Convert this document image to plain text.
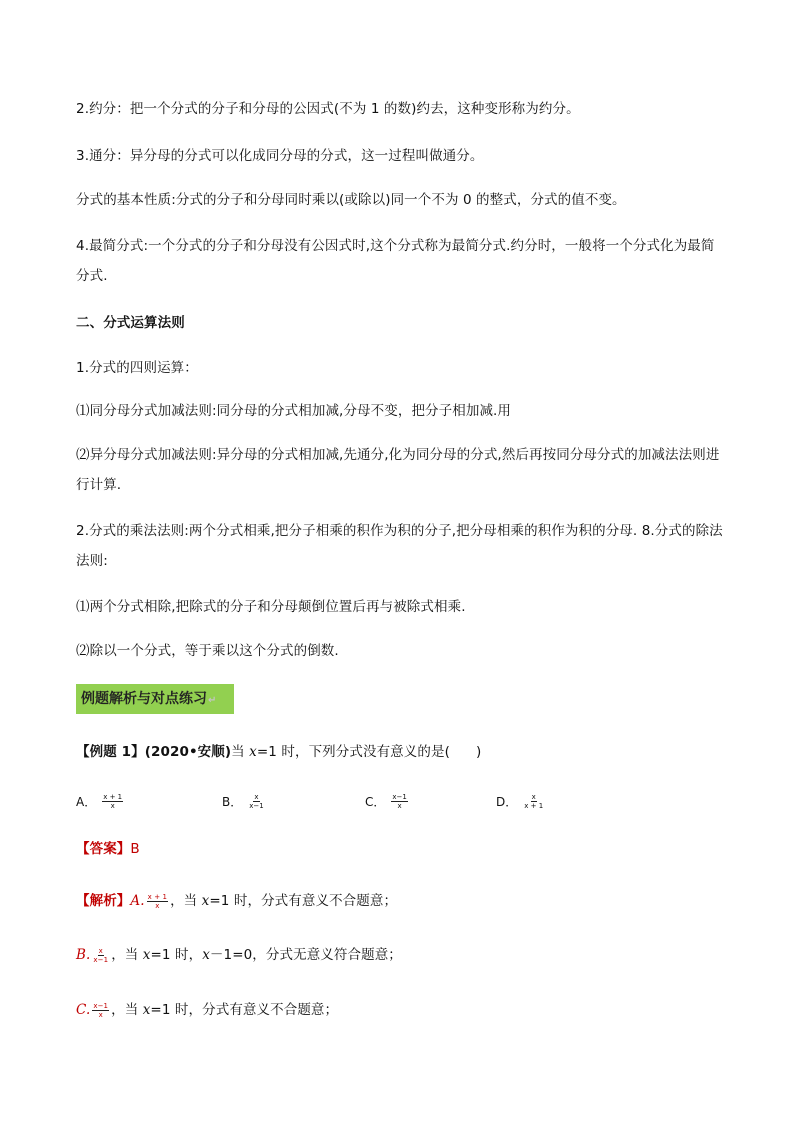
2.约分：把一个分式的分子和分母的公因式(不为 1 的数)约去，这种变形称为约分。
3.通分：异分母的分式可以化成同分母的分式，这一过程叫做通分。
分式的基本性质:分式的分子和分母同时乘以(或除以)同一个不为 0 的整式，分式的值不变。
4.最简分式:一个分式的分子和分母没有公因式时,这个分式称为最简分式.约分时，一般将一个分式化为最简分式.
二、分式运算法则
1.分式的四则运算：
⑴同分母分式加减法则:同分母的分式相加减,分母不变，把分子相加减.用
⑵异分母分式加减法则:异分母的分式相加减,先通分,化为同分母的分式,然后再按同分母分式的加减法法则进行计算.
2.分式的乘法法则:两个分式相乘,把分子相乘的积作为积的分子,把分母相乘的积作为积的分母. 8.分式的除法法则:
⑴两个分式相除,把除式的分子和分母颠倒位置后再与被除式相乘.
⑵除以一个分式，等于乘以这个分式的倒数.
例题解析与对点练习↵
【例题 1】(2020•安顺)当 x=1 时，下列分式没有意义的是( )
A． $\frac{x + 1}{x}$	B． $\frac{x}{x-1}$	C． $\frac{x-1}{x}$	D． $\frac{x}{x + 1}$
【答案】B
【解析】A. $\frac{x + 1}{x}$ ，当 x=1 时，分式有意义不合题意；
B. $\frac{x}{x-1}$ ，当 x=1 时，x－1=0，分式无意义符合题意；
C. $\frac{x-1}{x}$ ，当 x=1 时，分式有意义不合题意；
